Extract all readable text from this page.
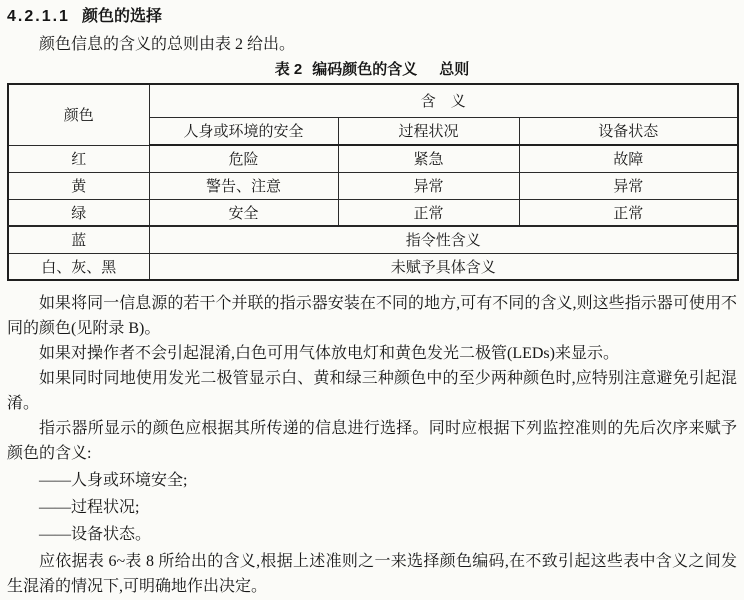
4.2.1.1 颜色的选择

颜色信息的含义的总则由表 2 给出。

表 2 编码颜色的含义 总则
颜色	含　义		
	人身或环境的安全	过程状况	设备状态
红	危险	紧急	故障
黄	警告、注意	异常	异常
绿	安全	正常	正常
蓝	指令性含义		
白、灰、黑	未赋予具体含义		

如果将同一信息源的若干个并联的指示器安装在不同的地方,可有不同的含义,则这些指示器可使用不同的颜色(见附录 B)。

如果对操作者不会引起混淆,白色可用气体放电灯和黄色发光二极管(LEDs)来显示。

如果同时同地使用发光二极管显示白、黄和绿三种颜色中的至少两种颜色时,应特别注意避免引起混淆。

指示器所显示的颜色应根据其所传递的信息进行选择。同时应根据下列监控准则的先后次序来赋予颜色的含义:

——人身或环境安全;
——过程状况;
——设备状态。

应依据表 6~表 8 所给出的含义,根据上述准则之一来选择颜色编码,在不致引起这些表中含义之间发生混淆的情况下,可明确地作出决定。
